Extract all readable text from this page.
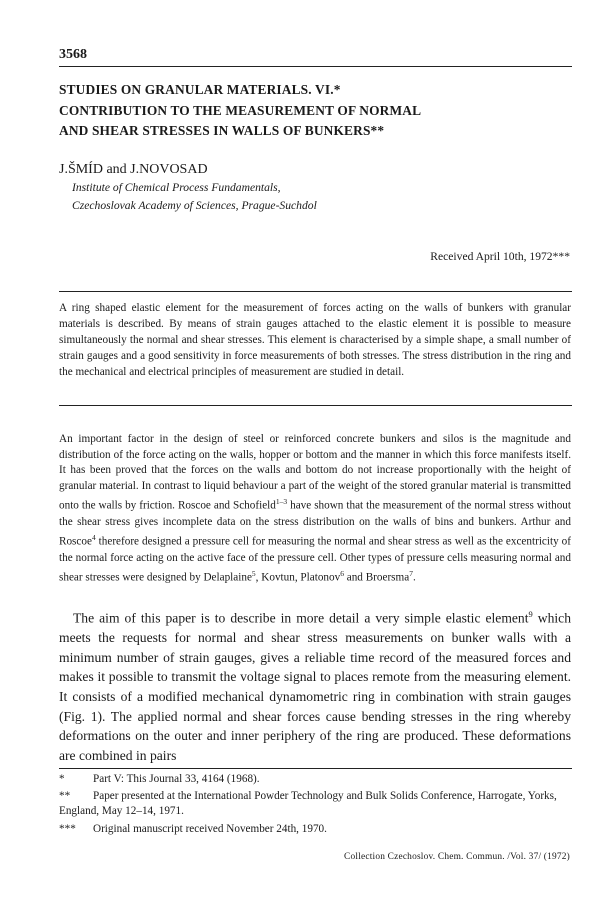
3568
STUDIES ON GRANULAR MATERIALS. VI.*
CONTRIBUTION TO THE MEASUREMENT OF NORMAL
AND SHEAR STRESSES IN WALLS OF BUNKERS**
J.ŠMÍD and J.NOVOSAD
Institute of Chemical Process Fundamentals,
Czechoslovak Academy of Sciences, Prague-Suchdol
Received April 10th, 1972***
A ring shaped elastic element for the measurement of forces acting on the walls of bunkers with granular materials is described. By means of strain gauges attached to the elastic element it is possible to measure simultaneously the normal and shear stresses. This element is characterised by a simple shape, a small number of strain gauges and a good sensitivity in force measurements of both stresses. The stress distribution in the ring and the mechanical and electrical principles of measurement are studied in detail.
An important factor in the design of steel or reinforced concrete bunkers and silos is the magnitude and distribution of the force acting on the walls, hopper or bottom and the manner in which this force manifests itself. It has been proved that the forces on the walls and bottom do not increase proportionally with the height of granular material. In contrast to liquid behaviour a part of the weight of the stored granular material is transmitted onto the walls by friction. Roscoe and Schofield$^{1-3}$ have shown that the measurement of the normal stress without the shear stress gives incomplete data on the stress distribution on the walls of bins and bunkers. Arthur and Roscoe$^4$ therefore designed a pressure cell for measuring the normal and shear stress as well as the excentricity of the normal force acting on the active face of the pressure cell. Other types of pressure cells measuring normal and shear stresses were designed by Delaplaine$^5$, Kovtun, Platonov$^6$ and Broersma$^7$.
The aim of this paper is to describe in more detail a very simple elastic element$^9$ which meets the requests for normal and shear stress measurements on bunker walls with a minimum number of strain gauges, gives a reliable time record of the measured forces and makes it possible to transmit the voltage signal to places remote from the measuring element. It consists of a modified mechanical dynamometric ring in combination with strain gauges (Fig. 1). The applied normal and shear forces cause bending stresses in the ring whereby deformations on the outer and inner periphery of the ring are produced. These deformations are combined in pairs
*	Part V: This Journal 33, 4164 (1968).
** Paper presented at the International Powder Technology and Bulk Solids Conference, Harrogate, Yorks, England, May 12–14, 1971.
*** Original manuscript received November 24th, 1970.
Collection Czechoslov. Chem. Commun. /Vol. 37/ (1972)
